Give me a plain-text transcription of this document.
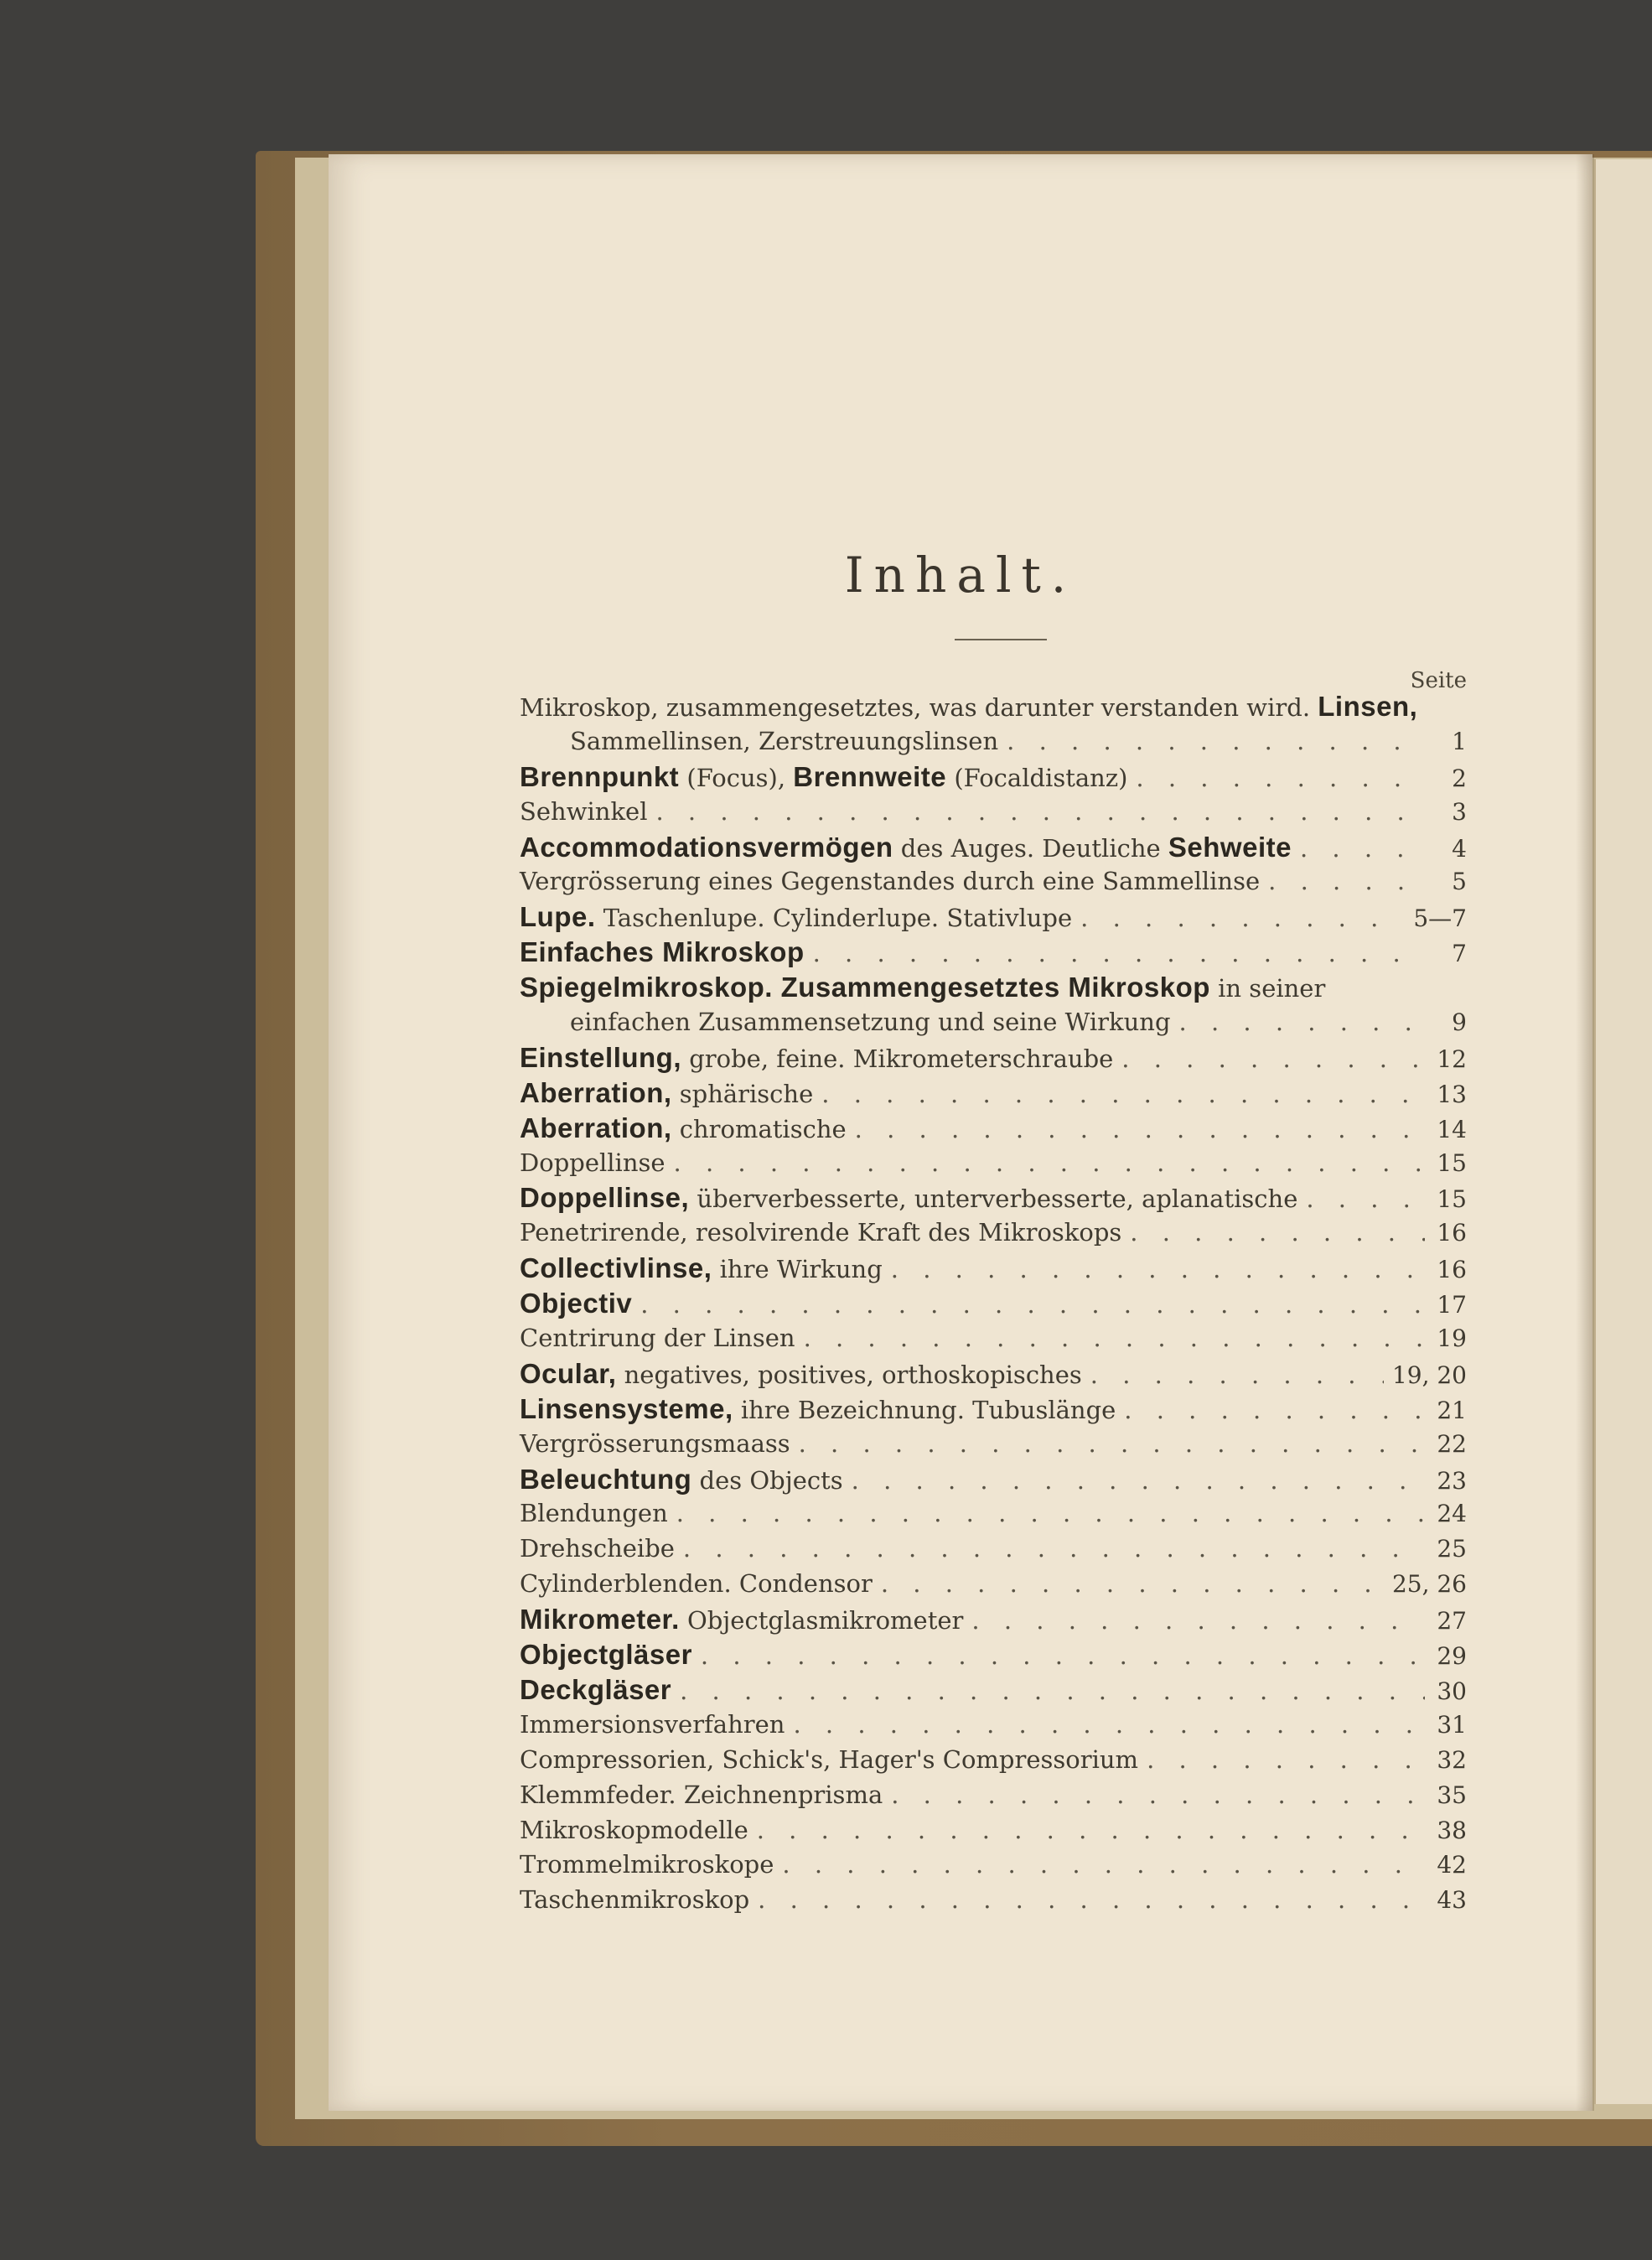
Inhalt.
Seite
Mikroskop, zusammengesetztes, was darunter verstanden wird. Linsen,
Sammellinsen, Zerstreuungslinsen . . .	1
Brennpunkt (Focus), Brennweite (Focaldistanz) . . .	2
Sehwinkel . . .	3
Accommodationsvermögen des Auges. Deutliche Sehweite . . .	4
Vergrösserung eines Gegenstandes durch eine Sammellinse . . .	5
Lupe. Taschenlupe. Cylinderlupe. Stativlupe . . .	5—7
Einfaches Mikroskop . . .	7
Spiegelmikroskop. Zusammengesetztes Mikroskop in seiner
einfachen Zusammensetzung und seine Wirkung . . .	9
Einstellung, grobe, feine. Mikrometerschraube . . .	12
Aberration, sphärische . . .	13
Aberration, chromatische . . .	14
Doppellinse . . .	15
Doppellinse, überverbesserte, unterverbesserte, aplanatische . . .	15
Penetrirende, resolvirende Kraft des Mikroskops . . .	16
Collectivlinse, ihre Wirkung . . .	16
Objectiv . . .	17
Centrirung der Linsen . . .	19
Ocular, negatives, positives, orthoskopisches . . .	19, 20
Linsensysteme, ihre Bezeichnung. Tubuslänge . . .	21
Vergrösserungsmaass . . .	22
Beleuchtung des Objects . . .	23
Blendungen . . .	24
Drehscheibe . . .	25
Cylinderblenden. Condensor . . .	25, 26
Mikrometer. Objectglasmikrometer . . .	27
Objectgläser . . .	29
Deckgläser . . .	30
Immersionsverfahren . . .	31
Compressorien, Schick's, Hager's Compressorium . . .	32
Klemmfeder. Zeichnenprisma . . .	35
Mikroskopmodelle . . .	38
Trommelmikroskope . . .	42
Taschenmikroskop . . .	43
